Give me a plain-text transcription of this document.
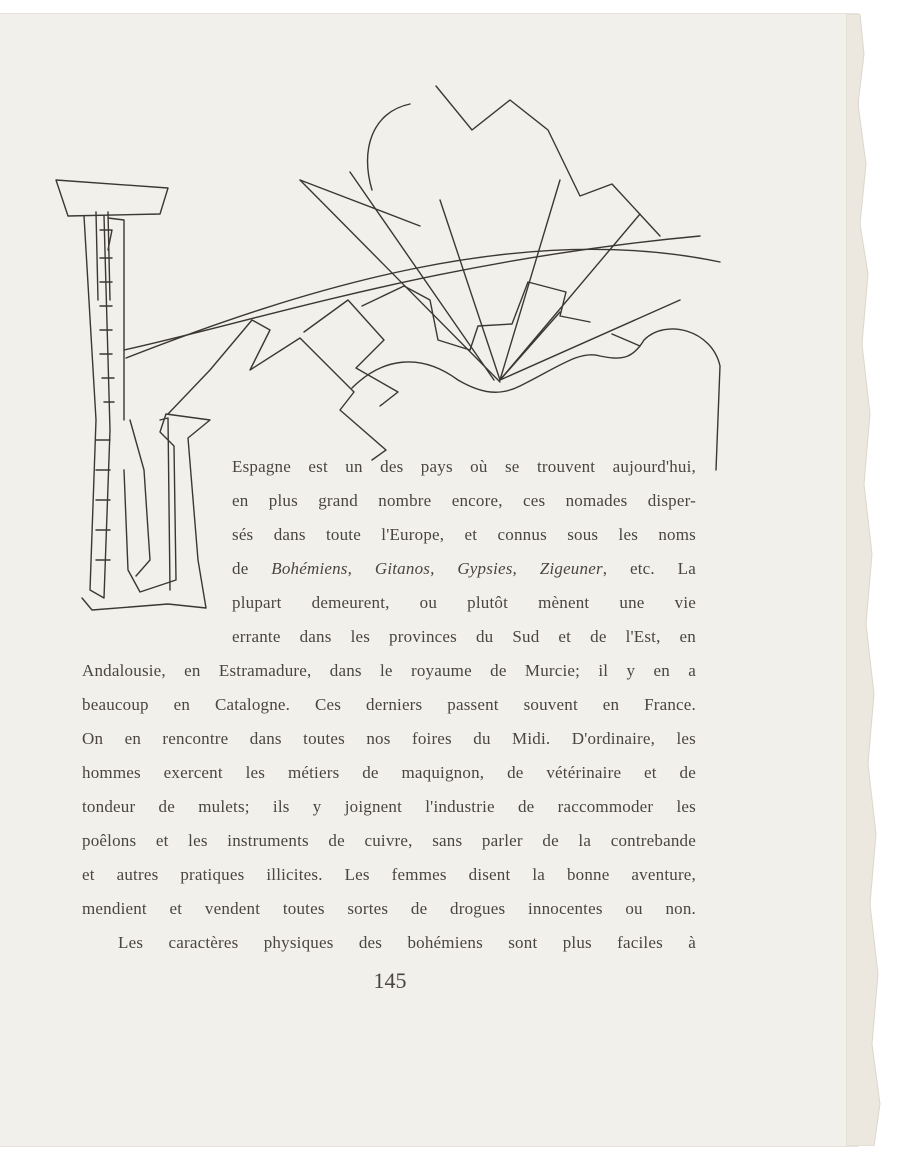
Espagne est un des pays où se trouvent aujourd'hui,
en plus grand nombre encore, ces nomades disper-
sés dans toute l'Europe, et connus sous les noms
de Bohémiens, Gitanos, Gypsies, Zigeuner, etc. La
plupart demeurent, ou plutôt mènent une vie
errante dans les provinces du Sud et de l'Est, en
Andalousie, en Estramadure, dans le royaume de Murcie; il y en a
beaucoup en Catalogne. Ces derniers passent souvent en France.
On en rencontre dans toutes nos foires du Midi. D'ordinaire, les
hommes exercent les métiers de maquignon, de vétérinaire et de
tondeur de mulets; ils y joignent l'industrie de raccommoder les
poêlons et les instruments de cuivre, sans parler de la contrebande
et autres pratiques illicites. Les femmes disent la bonne aventure,
mendient et vendent toutes sortes de drogues innocentes ou non.
Les caractères physiques des bohémiens sont plus faciles à
145
